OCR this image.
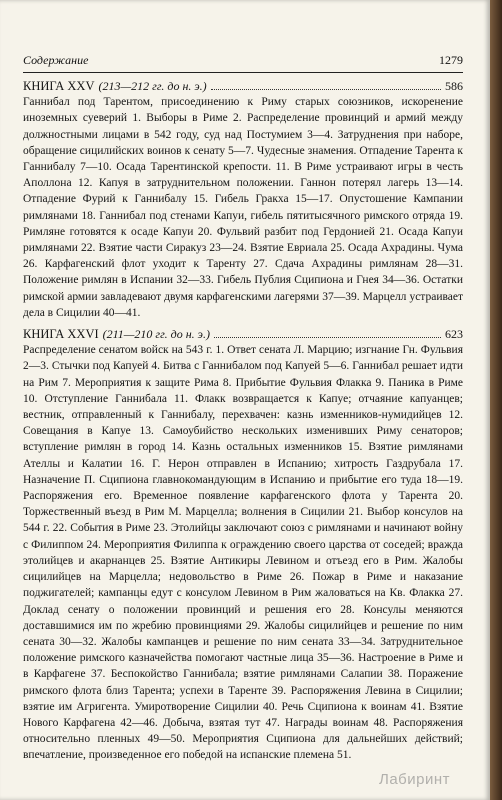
Содержание	1279
КНИГА XXV (213—212 гг. до н. э.)	586
Ганнибал под Тарентом, присоединению к Риму старых союзников, искоренение иноземных суеверий 1. Выборы в Риме 2. Распределение провинций и армий между должностными лицами в 542 году, суд над Постумием 3—4. Затруднения при наборе, обращение сицилийских воинов к сенату 5—7. Чудесные знамения. Отпадение Тарента к Ганнибалу 7—10. Осада Тарентинской крепости. 11. В Риме устраивают игры в честь Аполлона 12. Капуя в затруднительном положении. Ганнон потерял лагерь 13—14. Отпадение Фурий к Ганнибалу 15. Гибель Гракха 15—17. Опустошение Кампании римлянами 18. Ганнибал под стенами Капуи, гибель пятитысячного римского отряда 19. Римляне готовятся к осаде Капуи 20. Фульвий разбит под Гердонией 21. Осада Капуи римлянами 22. Взятие части Сиракуз 23—24. Взятие Евриала 25. Осада Ахрадины. Чума 26. Карфагенский флот уходит к Таренту 27. Сдача Ахрадины римлянам 28—31. Положение римлян в Испании 32—33. Гибель Публия Сципиона и Гнея 34—36. Остатки римской армии завладевают двумя карфагенскими лагерями 37—39. Марцелл устраивает дела в Сицилии 40—41.
КНИГА XXVI (211—210 гг. до н. э.)	623
Распределение сенатом войск на 543 г. 1. Ответ сената Л. Марцию; изгнание Гн. Фульвия 2—3. Стычки под Капуей 4. Битва с Ганнибалом под Капуей 5—6. Ганнибал решает идти на Рим 7. Мероприятия к защите Рима 8. Прибытие Фульвия Флакка 9. Паника в Риме 10. Отступление Ганнибала 11. Флакк возвращается к Капуе; отчаяние капуанцев; вестник, отправленный к Ганнибалу, перехвачен: казнь изменников-нумидийцев 12. Совещания в Капуе 13. Самоубийство нескольких изменивших Риму сенаторов; вступление римлян в город 14. Казнь остальных изменников 15. Взятие римлянами Ателлы и Калатии 16. Г. Нерон отправлен в Испанию; хитрость Газдрубала 17. Назначение П. Сципиона главнокомандующим в Испанию и прибытие его туда 18—19. Распоряжения его. Временное появление карфагенского флота у Тарента 20. Торжественный въезд в Рим М. Марцелла; волнения в Сицилии 21. Выбор консулов на 544 г. 22. События в Риме 23. Этолийцы заключают союз с римлянами и начинают войну с Филиппом 24. Мероприятия Филиппа к ограждению своего царства от соседей; вражда этолийцев и акарнанцев 25. Взятие Антикиры Левином и отъезд его в Рим. Жалобы сицилийцев на Марцелла; недовольство в Риме 26. Пожар в Риме и наказание поджигателей; кампанцы едут с консулом Левином в Рим жаловаться на Кв. Флакка 27. Доклад сенату о положении провинций и решения его 28. Консулы меняются доставшимися им по жребию провинциями 29. Жалобы сицилийцев и решение по ним сената 30—32. Жалобы кампанцев и решение по ним сената 33—34. Затруднительное положение римского казначейства помогают частные лица 35—36. Настроение в Риме и в Карфагене 37. Беспокойство Ганнибала; взятие римлянами Салапии 38. Поражение римского флота близ Тарента; успехи в Таренте 39. Распоряжения Левина в Сицилии; взятие им Агригента. Умиротворение Сицилии 40. Речь Сципиона к воинам 41. Взятие Нового Карфагена 42—46. Добыча, взятая тут 47. Награды воинам 48. Распоряжения относительно пленных 49—50. Мероприятия Сципиона для дальнейших действий; впечатление, произведенное его победой на испанские племена 51.
Лабиринт
